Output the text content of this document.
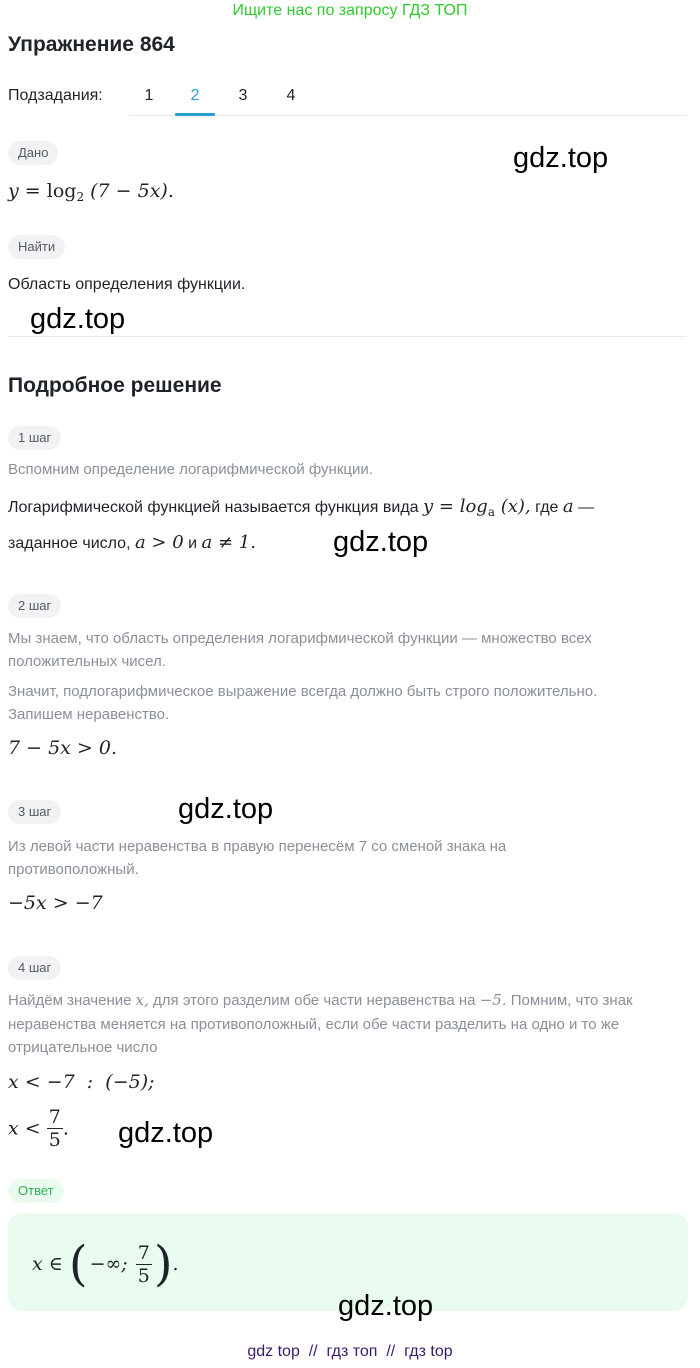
Ищите нас по запросу ГДЗ ТОП
Упражнение 864
Подзадания:	1	2	3	4
Дано
$y = \log_2 (7 - 5x)$.
Найти
Область определения функции.
Подробное решение
1 шаг
Вспомним определение логарифмической функции.
Логарифмической функцией называется функция вида $y = \log_a (x)$, где a —
заданное число, a > 0 и a ≠ 1.
2 шаг
Мы знаем, что область определения логарифмической функции — множество всех
положительных чисел.
Значит, подлогарифмическое выражение всегда должно быть строго положительно.
Запишем неравенство.
7 − 5x > 0.
3 шаг
Из левой части неравенства в правую перенесём 7 со сменой знака на
противоположный.
−5x > −7
4 шаг
Найдём значение x, для этого разделим обе части неравенства на −5. Помним, что знак
неравенства меняется на противоположный, если обе части разделить на одно и то же
отрицательное число
x < −7  :  (−5);
$x < \frac{7}{5}$ .
Ответ
x ∈ ( −∞; $\frac{7}{5}$ ) .
gdz.top
gdz.top
gdz.top
gdz.top
gdz.top
gdz.top
gdz top // гдз топ // гдз top
